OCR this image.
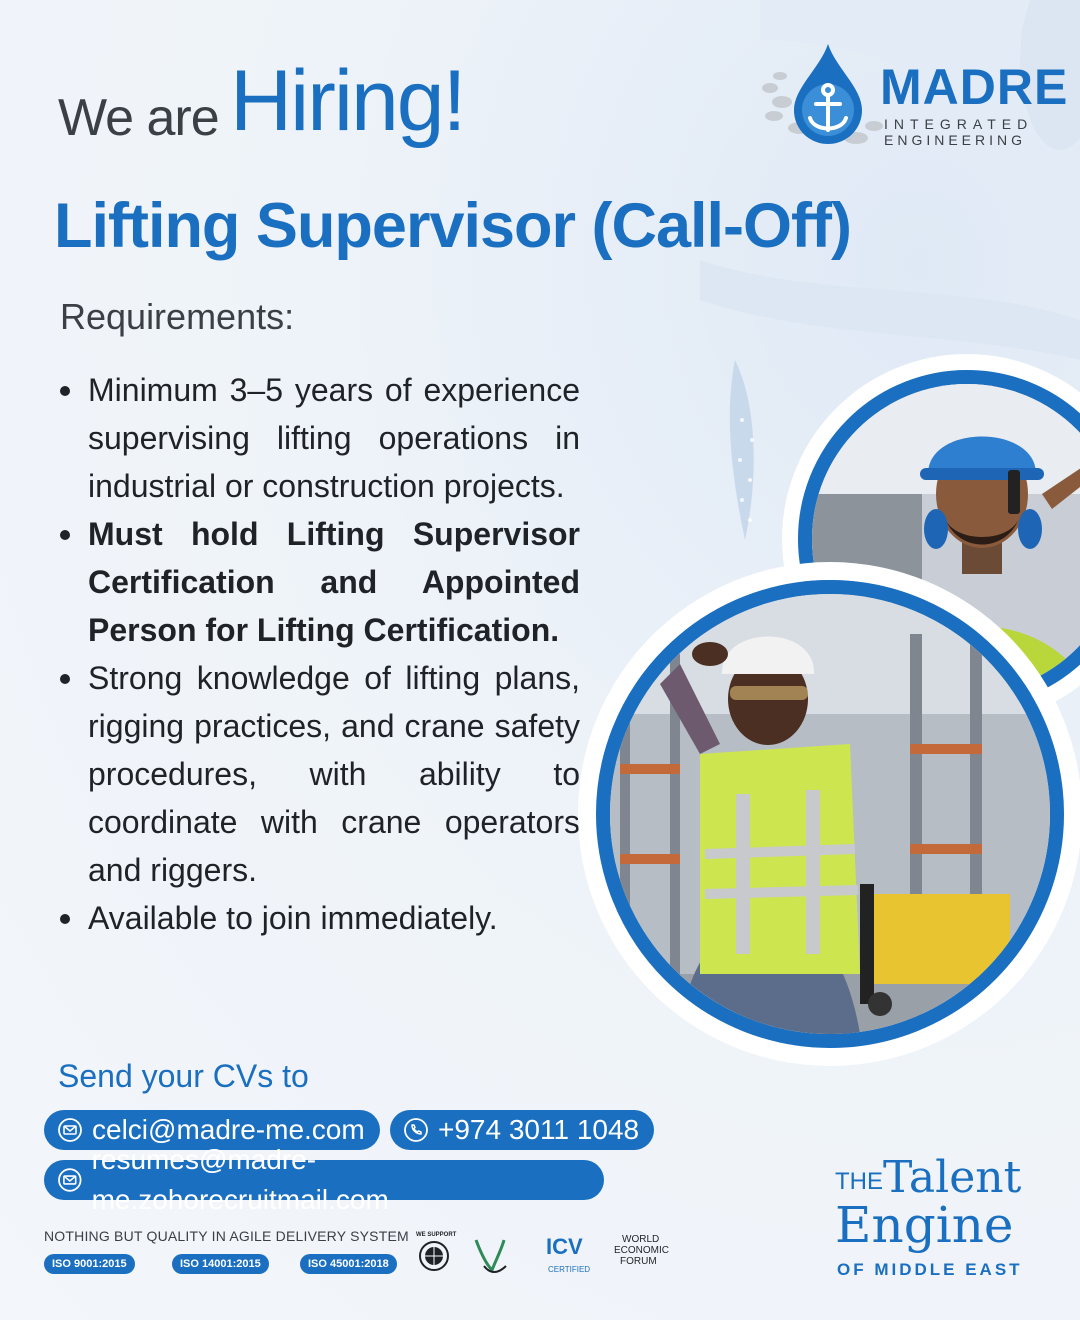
We are Hiring!
Lifting Supervisor (Call-Off)
MADRE
INTEGRATED
ENGINEERING
Requirements:
Minimum 3–5 years of experience supervising lifting operations in industrial or construction projects.
Must hold Lifting Supervisor Certification and Appointed Person for Lifting Certification.
Strong knowledge of lifting plans, rigging practices, and crane safety procedures, with ability to coordinate with crane operators and riggers.
Available to join immediately.
Send your CVs to
celci@madre-me.com	+974 3011 1048
resumes@madre-me.zohorecruitmail.com
NOTHING BUT QUALITY IN AGILE DELIVERY SYSTEM
ISO 9001:2015	ISO 14001:2015	ISO 45001:2018
WE SUPPORT	ICV
CERTIFIED
WORLD
ECONOMIC
FORUM
THE Talent
Engine
OF MIDDLE EAST
